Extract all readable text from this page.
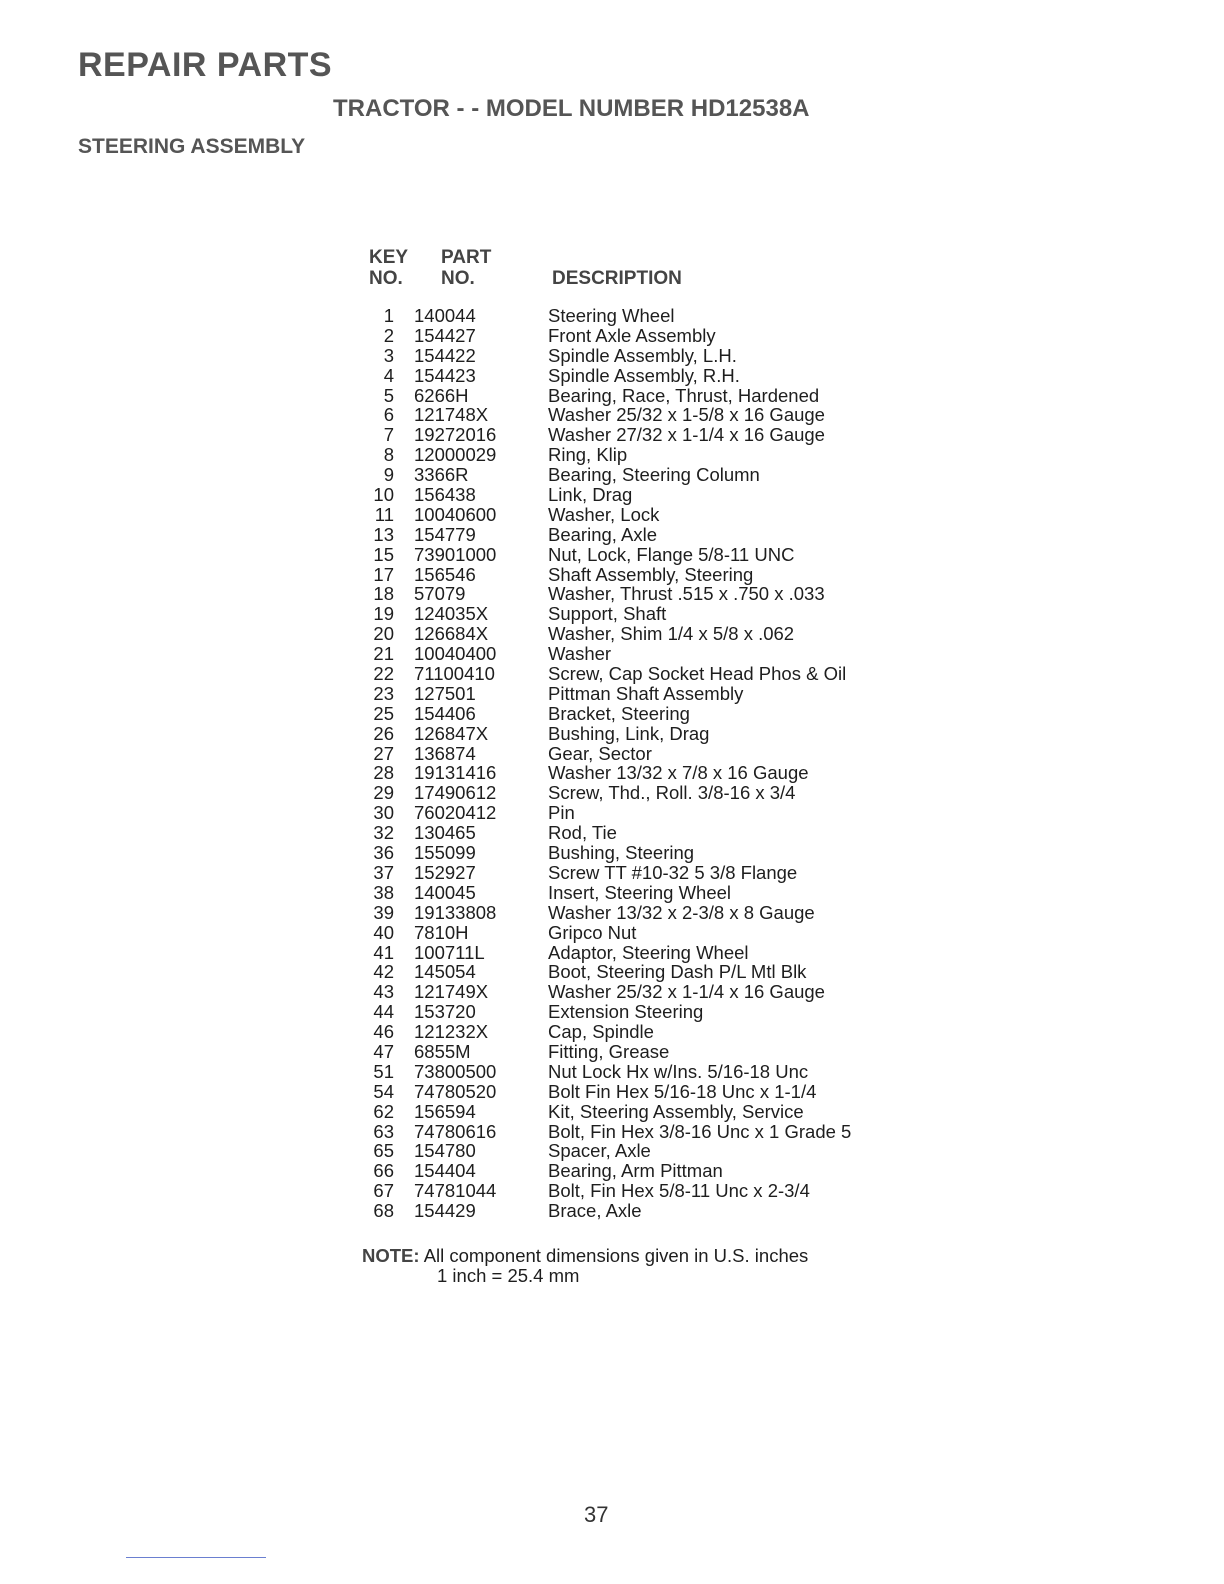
REPAIR PARTS
TRACTOR - - MODEL NUMBER HD12538A
STEERING ASSEMBLY
KEY
NO.
PART
NO.	DESCRIPTION
1 140044	Steering Wheel
2 154427	Front Axle Assembly
3 154422	Spindle Assembly, L.H.
4 154423	Spindle Assembly, R.H.
5 6266H	Bearing, Race, Thrust, Hardened
6 121748X	Washer 25/32 x 1-5/8 x 16 Gauge
7 19272016	Washer 27/32 x 1-1/4 x 16 Gauge
8 12000029	Ring, Klip
9 3366R	Bearing, Steering Column
10 156438	Link, Drag
11 10040600	Washer, Lock
13 154779	Bearing, Axle
15 73901000	Nut, Lock, Flange 5/8-11 UNC
17 156546	Shaft Assembly, Steering
18 57079	Washer, Thrust .515 x .750 x .033
19 124035X	Support, Shaft
20 126684X	Washer, Shim 1/4 x 5/8 x .062
21 10040400	Washer
22 71100410	Screw, Cap Socket Head Phos & Oil
23 127501	Pittman Shaft Assembly
25 154406	Bracket, Steering
26 126847X	Bushing, Link, Drag
27 136874	Gear, Sector
28 19131416	Washer 13/32 x 7/8 x 16 Gauge
29 17490612	Screw, Thd., Roll. 3/8-16 x 3/4
30 76020412	Pin
32 130465	Rod, Tie
36 155099	Bushing, Steering
37 152927	Screw TT #10-32 5 3/8 Flange
38 140045	Insert, Steering Wheel
39 19133808	Washer 13/32 x 2-3/8 x 8 Gauge
40 7810H	Gripco Nut
41 100711L	Adaptor, Steering Wheel
42 145054	Boot, Steering Dash P/L Mtl Blk
43 121749X	Washer 25/32 x 1-1/4 x 16 Gauge
44 153720	Extension Steering
46 121232X	Cap, Spindle
47 6855M	Fitting, Grease
51 73800500	Nut Lock Hx w/Ins. 5/16-18 Unc
54 74780520	Bolt Fin Hex 5/16-18 Unc x 1-1/4
62 156594	Kit, Steering Assembly, Service
63 74780616	Bolt, Fin Hex 3/8-16 Unc x 1 Grade 5
65 154780	Spacer, Axle
66 154404	Bearing, Arm Pittman
67 74781044	Bolt, Fin Hex 5/8-11 Unc x 2-3/4
68 154429	Brace, Axle
NOTE: All component dimensions given in U.S. inches
1 inch = 25.4 mm
37
